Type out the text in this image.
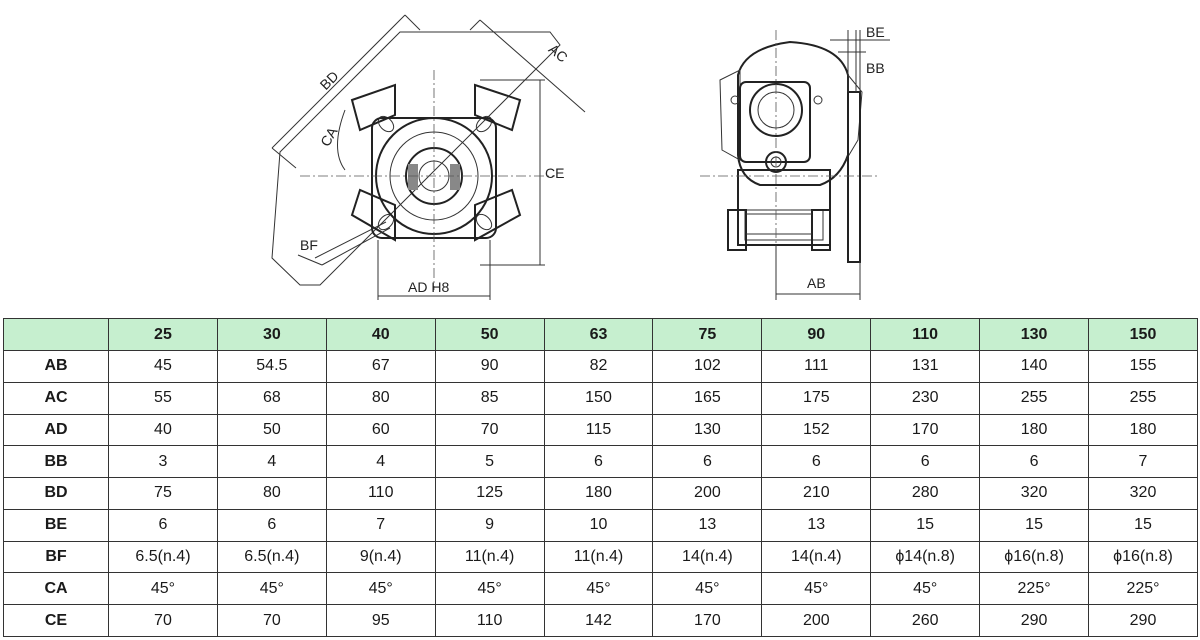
BD
AC
CA
CE
BF
AD H8
BE
BB
AB
	25	30	40	50	63	75	90	110	130	150
AB	45	54.5	67	90	82	102	111	131	140	155
AC	55	68	80	85	150	165	175	230	255	255
AD	40	50	60	70	115	130	152	170	180	180
BB	3	4	4	5	6	6	6	6	6	7
BD	75	80	110	125	180	200	210	280	320	320
BE	6	6	7	9	10	13	13	15	15	15
BF	6.5(n.4)	6.5(n.4)	9(n.4)	11(n.4)	11(n.4)	14(n.4)	14(n.4)	ϕ14(n.8)	ϕ16(n.8)	ϕ16(n.8)
CA	45°	45°	45°	45°	45°	45°	45°	45°	225°	225°
CE	70	70	95	110	142	170	200	260	290	290
